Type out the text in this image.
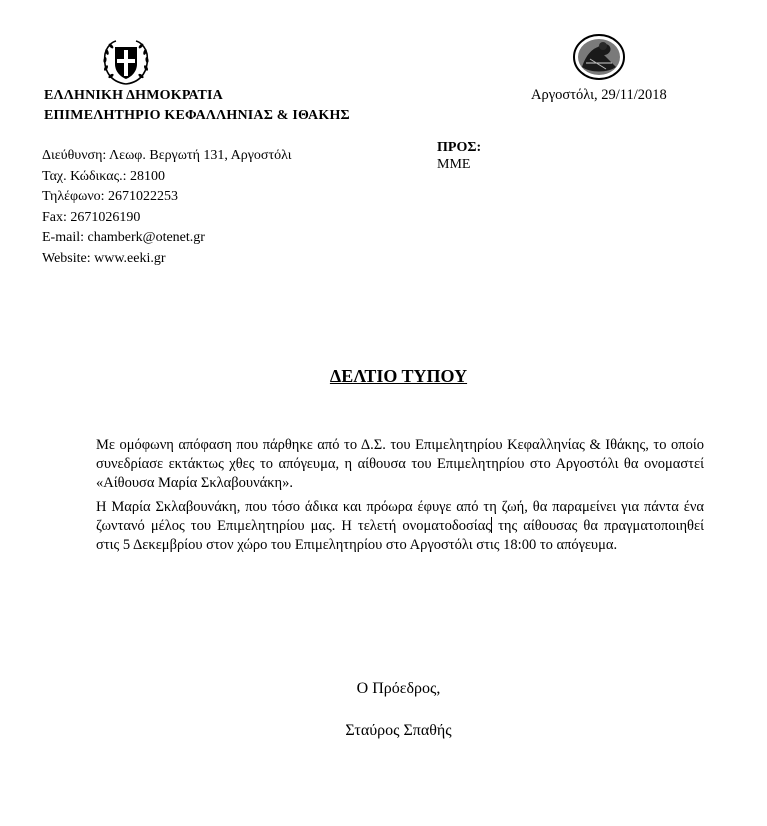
ΕΛΛΗΝΙΚΗ ΔΗΜΟΚΡΑΤΙΑ
ΕΠΙΜΕΛΗΤΗΡΙΟ ΚΕΦΑΛΛΗΝΙΑΣ & ΙΘΑΚΗΣ
Αργοστόλι, 29/11/2018
Διεύθυνση: Λεωφ. Βεργωτή 131, Αργοστόλι
Ταχ. Κώδικας.: 28100
Τηλέφωνο: 2671022253
Fax: 2671026190
E-mail: chamberk@otenet.gr
Website: www.eeki.gr
ΠΡΟΣ:
ΜΜΕ
ΔΕΛΤΙΟ ΤΥΠΟΥ
Με ομόφωνη απόφαση που πάρθηκε από το Δ.Σ. του Επιμελητηρίου Κεφαλληνίας & Ιθάκης, το οποίο συνεδρίασε εκτάκτως χθες το απόγευμα, η αίθουσα του Επιμελητηρίου στο Αργοστόλι θα ονομαστεί «Αίθουσα Μαρία Σκλαβουνάκη».
Η Μαρία Σκλαβουνάκη, που τόσο άδικα και πρόωρα έφυγε από τη ζωή, θα παραμείνει για πάντα ένα ζωντανό μέλος του Επιμελητηρίου μας. Η τελετή ονοματοδοσίας της αίθουσας θα πραγματοποιηθεί στις 5 Δεκεμβρίου στον χώρο του Επιμελητηρίου στο Αργοστόλι στις 18:00 το απόγευμα.
Ο Πρόεδρος,
Σταύρος Σπαθής
